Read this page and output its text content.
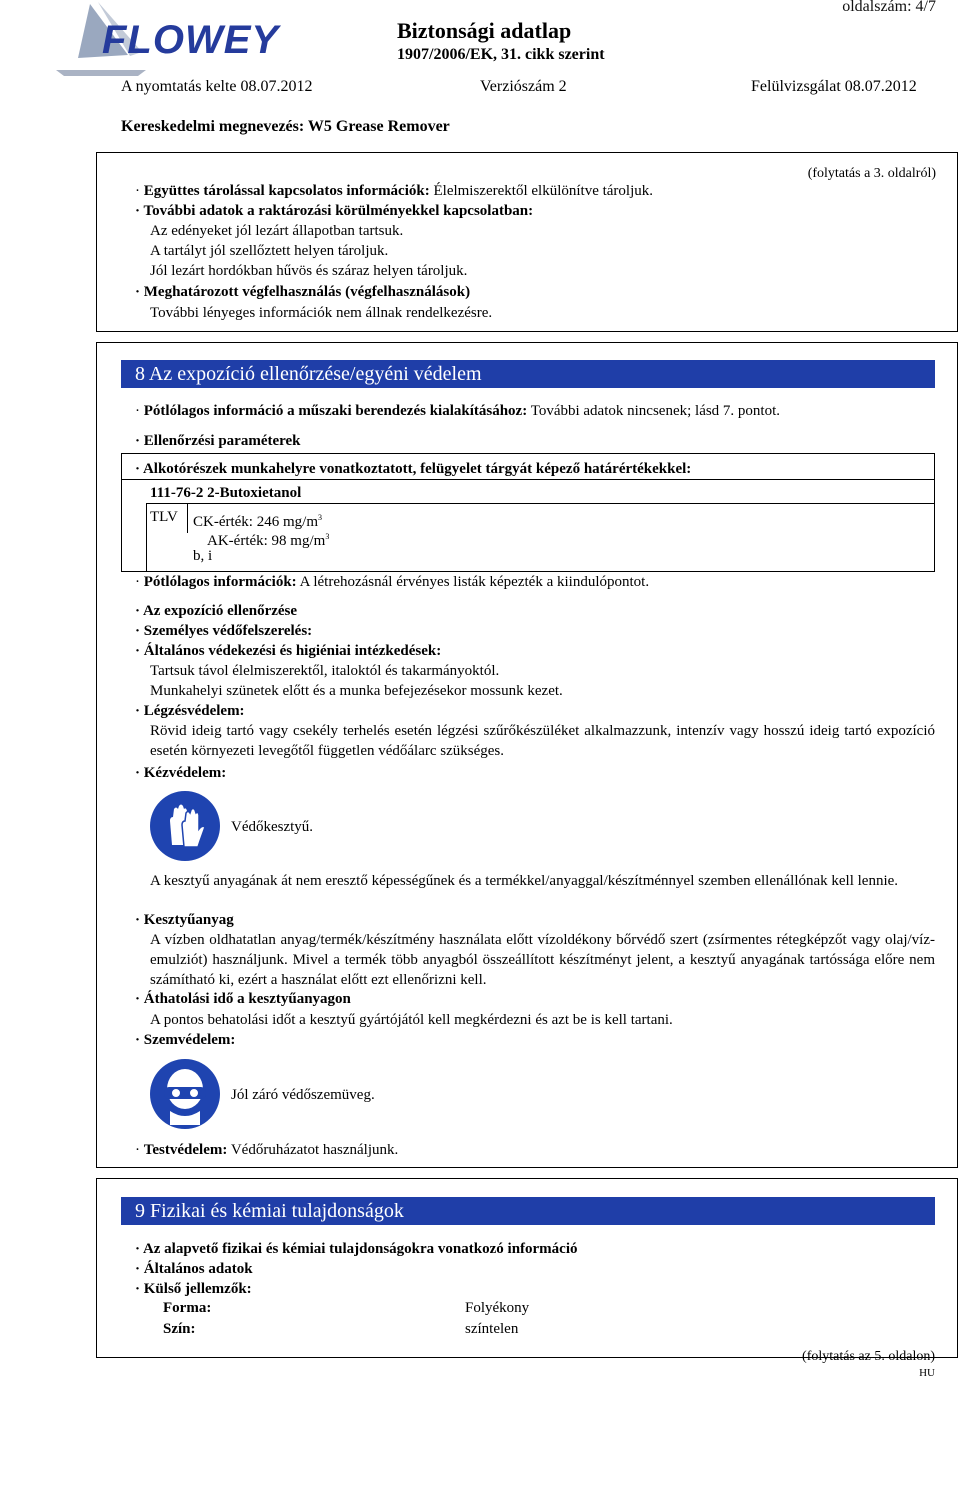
FLOWEY
oldalszám: 4/7
Biztonsági adatlap
1907/2006/EK, 31. cikk szerint
A nyomtatás kelte 08.07.2012	Verziószám 2	Felülvizsgálat 08.07.2012
Kereskedelmi megnevezés: W5 Grease Remover
(folytatás a 3. oldalról)
· Együttes tárolással kapcsolatos információk: Élelmiszerektől elkülönítve tároljuk.
· További adatok a raktározási körülményekkel kapcsolatban:
Az edényeket jól lezárt állapotban tartsuk.
A tartályt jól szellőztett helyen tároljuk.
Jól lezárt hordókban hűvös és száraz helyen tároljuk.
· Meghatározott végfelhasználás (végfelhasználások)
További lényeges információk nem állnak rendelkezésre.
8 Az expozíció ellenőrzése/egyéni védelem
· Pótlólagos információ a műszaki berendezés kialakításához: További adatok nincsenek; lásd 7. pontot.
· Ellenőrzési paraméterek
· Alkotórészek munkahelyre vonatkoztatott, felügyelet tárgyát képező határértékekkel:
111-76-2 2-Butoxietanol
TLV CK-érték: 246 $mg/m^3$
AK-érték: 98 $mg/m^3$
b, i
· Pótlólagos információk: A létrehozásnál érvényes listák képezték a kiindulópontot.
· Az expozíció ellenőrzése
· Személyes védőfelszerelés:
· Általános védekezési és higiéniai intézkedések:
Tartsuk távol élelmiszerektől, italoktól és takarmányoktól.
Munkahelyi szünetek előtt és a munka befejezésekor mossunk kezet.
· Légzésvédelem:
Rövid ideig tartó vagy csekély terhelés esetén légzési szűrőkészüléket alkalmazzunk, intenzív vagy hosszú ideig tartó expozíció esetén környezeti levegőtől független védőálarc szükséges.
· Kézvédelem:
Védőkesztyű.
A kesztyű anyagának át nem eresztő képességűnek és a termékkel/anyaggal/készítménnyel szemben ellenállónak kell lennie.
· Kesztyűanyag
A vízben oldhatatlan anyag/termék/készítmény használata előtt vízoldékony bőrvédő szert (zsírmentes rétegképzőt vagy olaj/víz-emulziót) használjunk. Mivel a termék több anyagból összeállított készítményt jelent, a kesztyű anyagának tartóssága előre nem számítható ki, ezért a használat előtt ezt ellenőrizni kell.
· Áthatolási idő a kesztyűanyagon
A pontos behatolási időt a kesztyű gyártójától kell megkérdezni és azt be is kell tartani.
· Szemvédelem:
Jól záró védőszemüveg.
· Testvédelem: Védőruházatot használjunk.
9 Fizikai és kémiai tulajdonságok
· Az alapvető fizikai és kémiai tulajdonságokra vonatkozó információ
· Általános adatok
· Külső jellemzők:
Forma:	Folyékony
Szín:	színtelen
(folytatás az 5. oldalon)
HU
